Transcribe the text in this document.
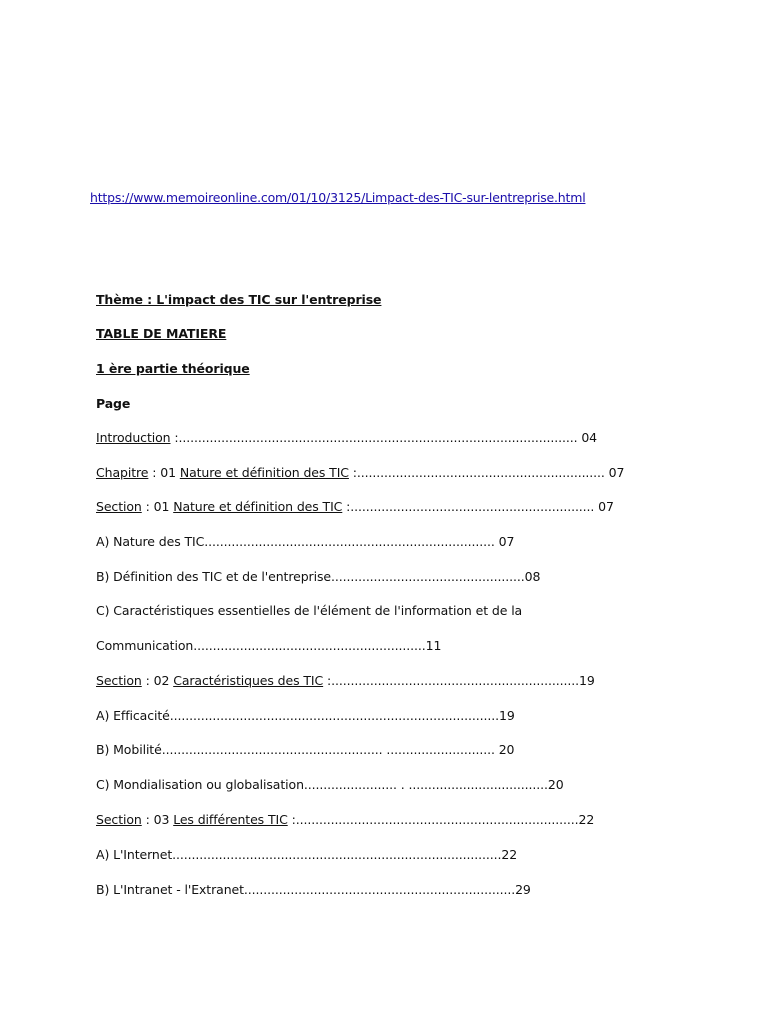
https://www.memoireonline.com/01/10/3125/Limpact-des-TIC-sur-lentreprise.html
Thème : L'impact des TIC sur l'entreprise
TABLE DE MATIERE
1 ère partie théorique
Page
Introduction :....................................................................................................... 04
Chapitre : 01 Nature et définition des TIC :................................................................ 07
Section : 01 Nature et définition des TIC :............................................................... 07
A) Nature des TIC........................................................................... 07
B) Définition des TIC et de l'entreprise..................................................08
C) Caractéristiques essentielles de l'élément de l'information et de la
Communication............................................................11
Section : 02 Caractéristiques des TIC :................................................................19
A) Efficacité.....................................................................................19
B) Mobilité......................................................... ............................ 20
C) Mondialisation ou globalisation........................ . ....................................20
Section : 03 Les différentes TIC :.........................................................................22
A) L'Internet.....................................................................................22
B) L'Intranet - l'Extranet......................................................................29
